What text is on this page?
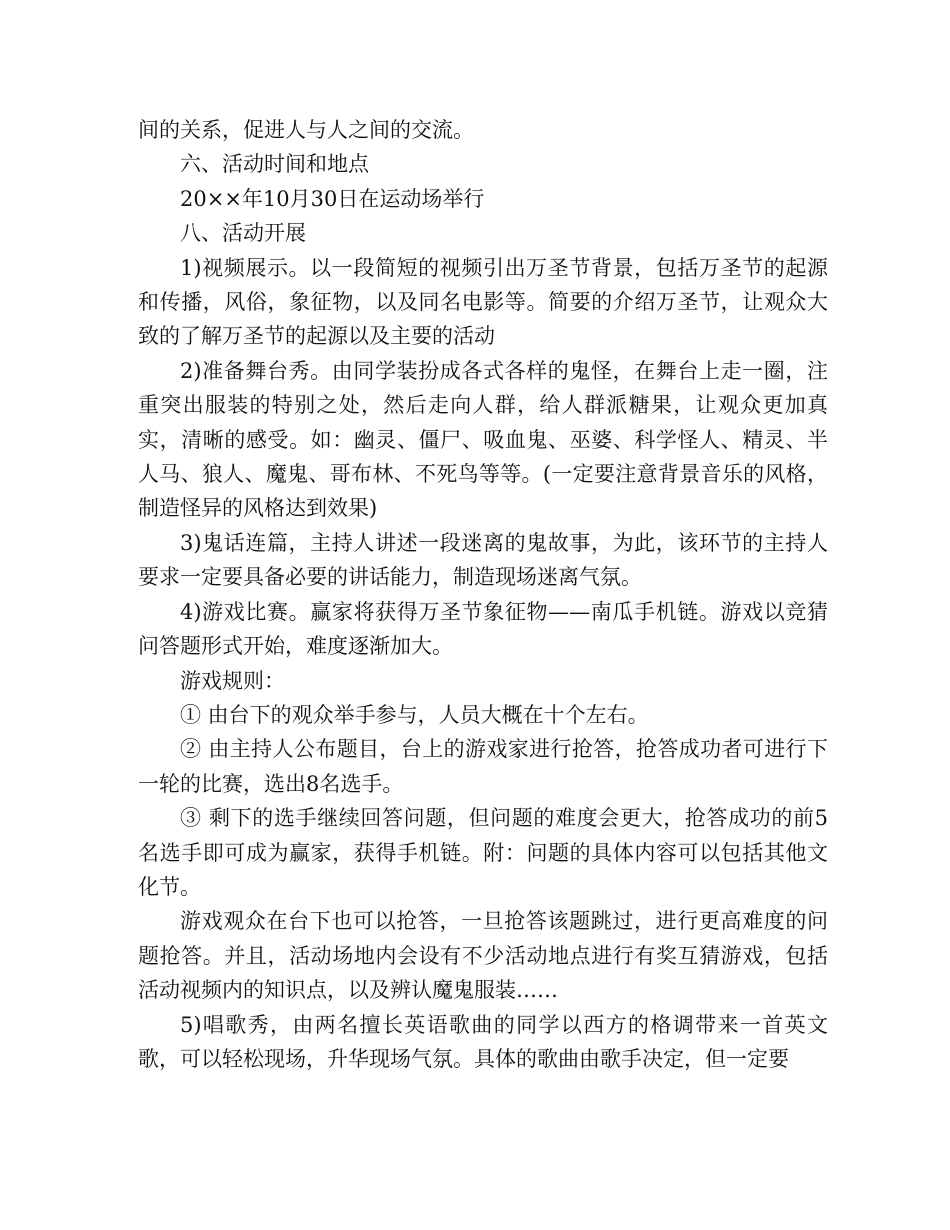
间的关系，促进人与人之间的交流。

六、活动时间和地点

20××年10月30日在运动场举行

八、活动开展

1)视频展示。以一段简短的视频引出万圣节背景，包括万圣节的起源和传播，风俗，象征物，以及同名电影等。简要的介绍万圣节，让观众大致的了解万圣节的起源以及主要的活动

2)准备舞台秀。由同学装扮成各式各样的鬼怪，在舞台上走一圈，注重突出服装的特别之处，然后走向人群，给人群派糖果，让观众更加真实，清晰的感受。如：幽灵、僵尸、吸血鬼、巫婆、科学怪人、精灵、半人马、狼人、魔鬼、哥布林、不死鸟等等。(一定要注意背景音乐的风格，制造怪异的风格达到效果)

3)鬼话连篇，主持人讲述一段迷离的鬼故事，为此，该环节的主持人要求一定要具备必要的讲话能力，制造现场迷离气氛。

4)游戏比赛。赢家将获得万圣节象征物——南瓜手机链。游戏以竞猜问答题形式开始，难度逐渐加大。

游戏规则：

① 由台下的观众举手参与，人员大概在十个左右。

② 由主持人公布题目，台上的游戏家进行抢答，抢答成功者可进行下一轮的比赛，选出8名选手。

③ 剩下的选手继续回答问题，但问题的难度会更大，抢答成功的前5名选手即可成为赢家，获得手机链。附：问题的具体内容可以包括其他文化节。

游戏观众在台下也可以抢答，一旦抢答该题跳过，进行更高难度的问题抢答。并且，活动场地内会设有不少活动地点进行有奖互猜游戏，包括活动视频内的知识点，以及辨认魔鬼服装……

5)唱歌秀，由两名擅长英语歌曲的同学以西方的格调带来一首英文歌，可以轻松现场，升华现场气氛。具体的歌曲由歌手决定，但一定要
